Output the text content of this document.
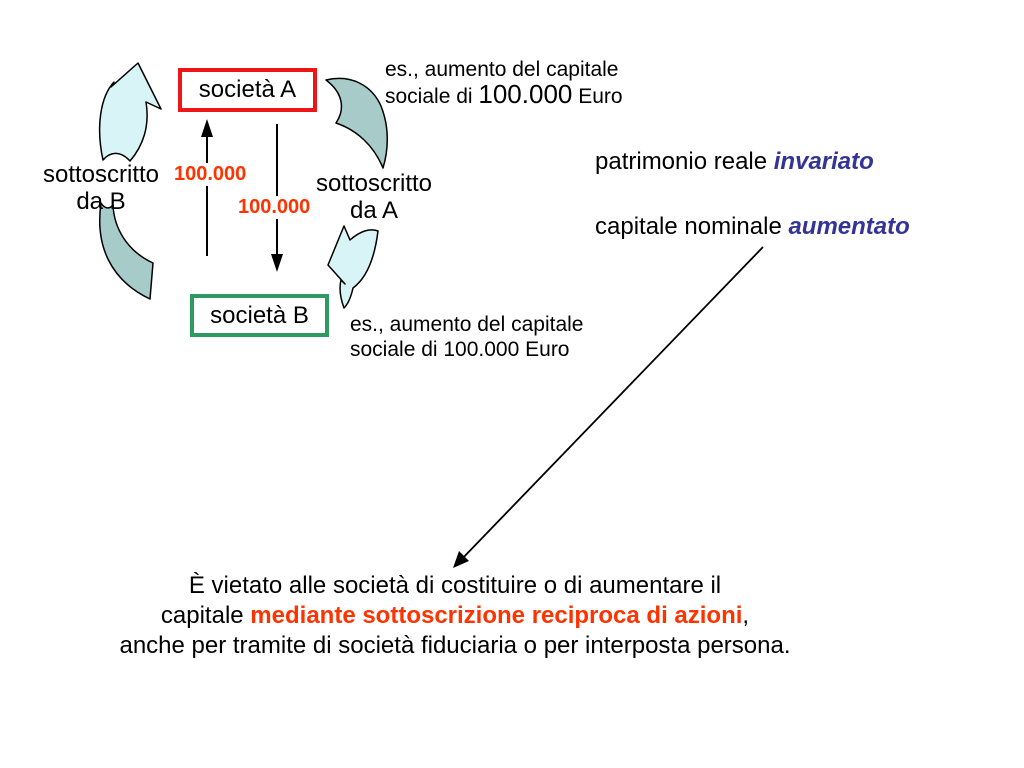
società A
società B
sottoscritto
da B
sottoscritto
da A
100.000
100.000
es., aumento del capitale
sociale di 100.000 Euro
es., aumento del capitale
sociale di 100.000 Euro
patrimonio reale invariato
capitale nominale aumentato
È vietato alle società di costituire o di aumentare il
capitale mediante sottoscrizione reciproca di azioni,
anche per tramite di società fiduciaria o per interposta persona.
